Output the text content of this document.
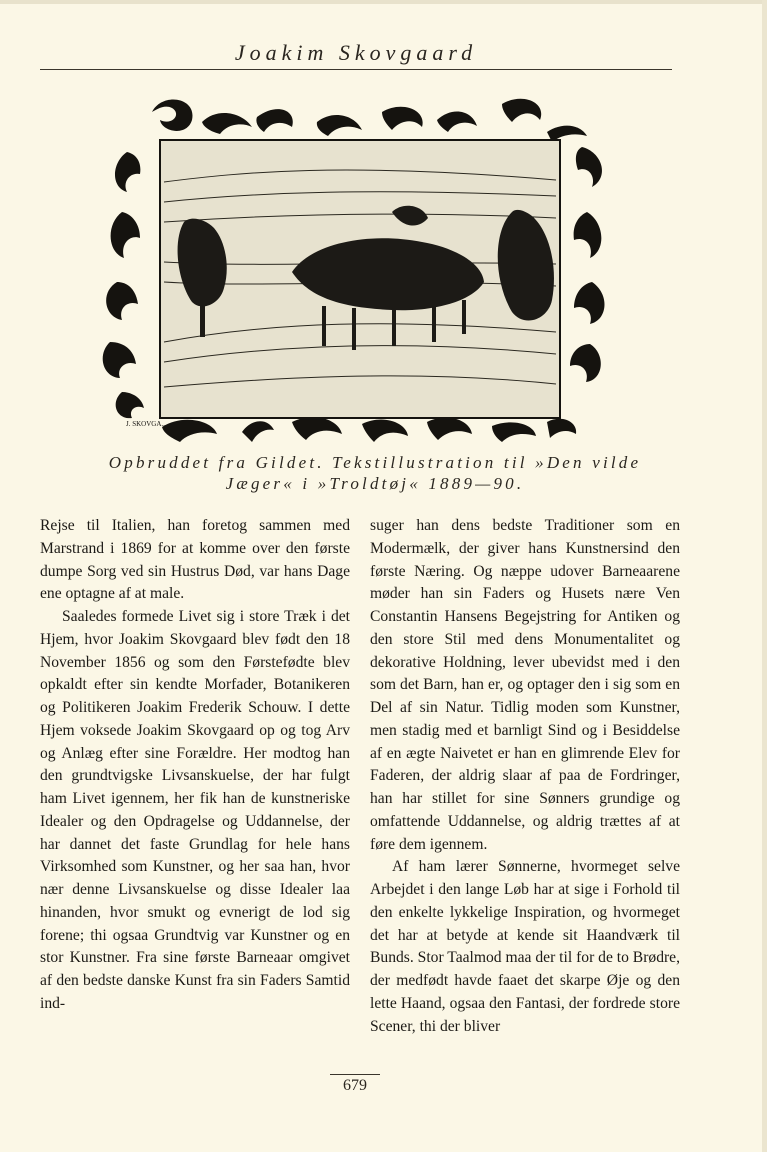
Joakim Skovgaard
J. SKOVGA...
Opbruddet fra Gildet. Tekstillustration til »Den vilde
Jæger« i »Troldtøj« 1889—90.

Rejse til Italien, han foretog sammen med Marstrand i 1869 for at komme over den første dumpe Sorg ved sin Hustrus Død, var hans Dage ene optagne af at male.

Saaledes formede Livet sig i store Træk i det Hjem, hvor Joakim Skovgaard blev født den 18 November 1856 og som den Førstefødte blev opkaldt efter sin kendte Morfader, Botanikeren og Politikeren Joakim Frederik Schouw. I dette Hjem voksede Joakim Skovgaard op og tog Arv og Anlæg efter sine Forældre. Her modtog han den grundtvigske Livsanskuelse, der har fulgt ham Livet igennem, her fik han de kunstneriske Idealer og den Opdragelse og Uddannelse, der har dannet det faste Grundlag for hele hans Virksomhed som Kunstner, og her saa han, hvor nær denne Livsanskuelse og disse Idealer laa hinanden, hvor smukt og evnerigt de lod sig forene; thi ogsaa Grundtvig var Kunstner og en stor Kunstner. Fra sine første Barneaar omgivet af den bedste danske Kunst fra sin Faders Samtid ind-

suger han dens bedste Traditioner som en Modermælk, der giver hans Kunstnersind den første Næring. Og næppe udover Barneaarene møder han sin Faders og Husets nære Ven Constantin Hansens Begejstring for Antiken og den store Stil med dens Monumentalitet og dekorative Holdning, lever ubevidst med i den som det Barn, han er, og optager den i sig som en Del af sin Natur. Tidlig moden som Kunstner, men stadig med et barnligt Sind og i Besiddelse af en ægte Naivetet er han en glimrende Elev for Faderen, der aldrig slaar af paa de Fordringer, han har stillet for sine Sønners grundige og omfattende Uddannelse, og aldrig trættes af at føre dem igennem.

Af ham lærer Sønnerne, hvormeget selve Arbejdet i den lange Løb har at sige i Forhold til den enkelte lykkelige Inspiration, og hvormeget det har at betyde at kende sit Haandværk til Bunds. Stor Taalmod maa der til for de to Brødre, der medfødt havde faaet det skarpe Øje og den lette Haand, ogsaa den Fantasi, der fordrede store Scener, thi der bliver

679
